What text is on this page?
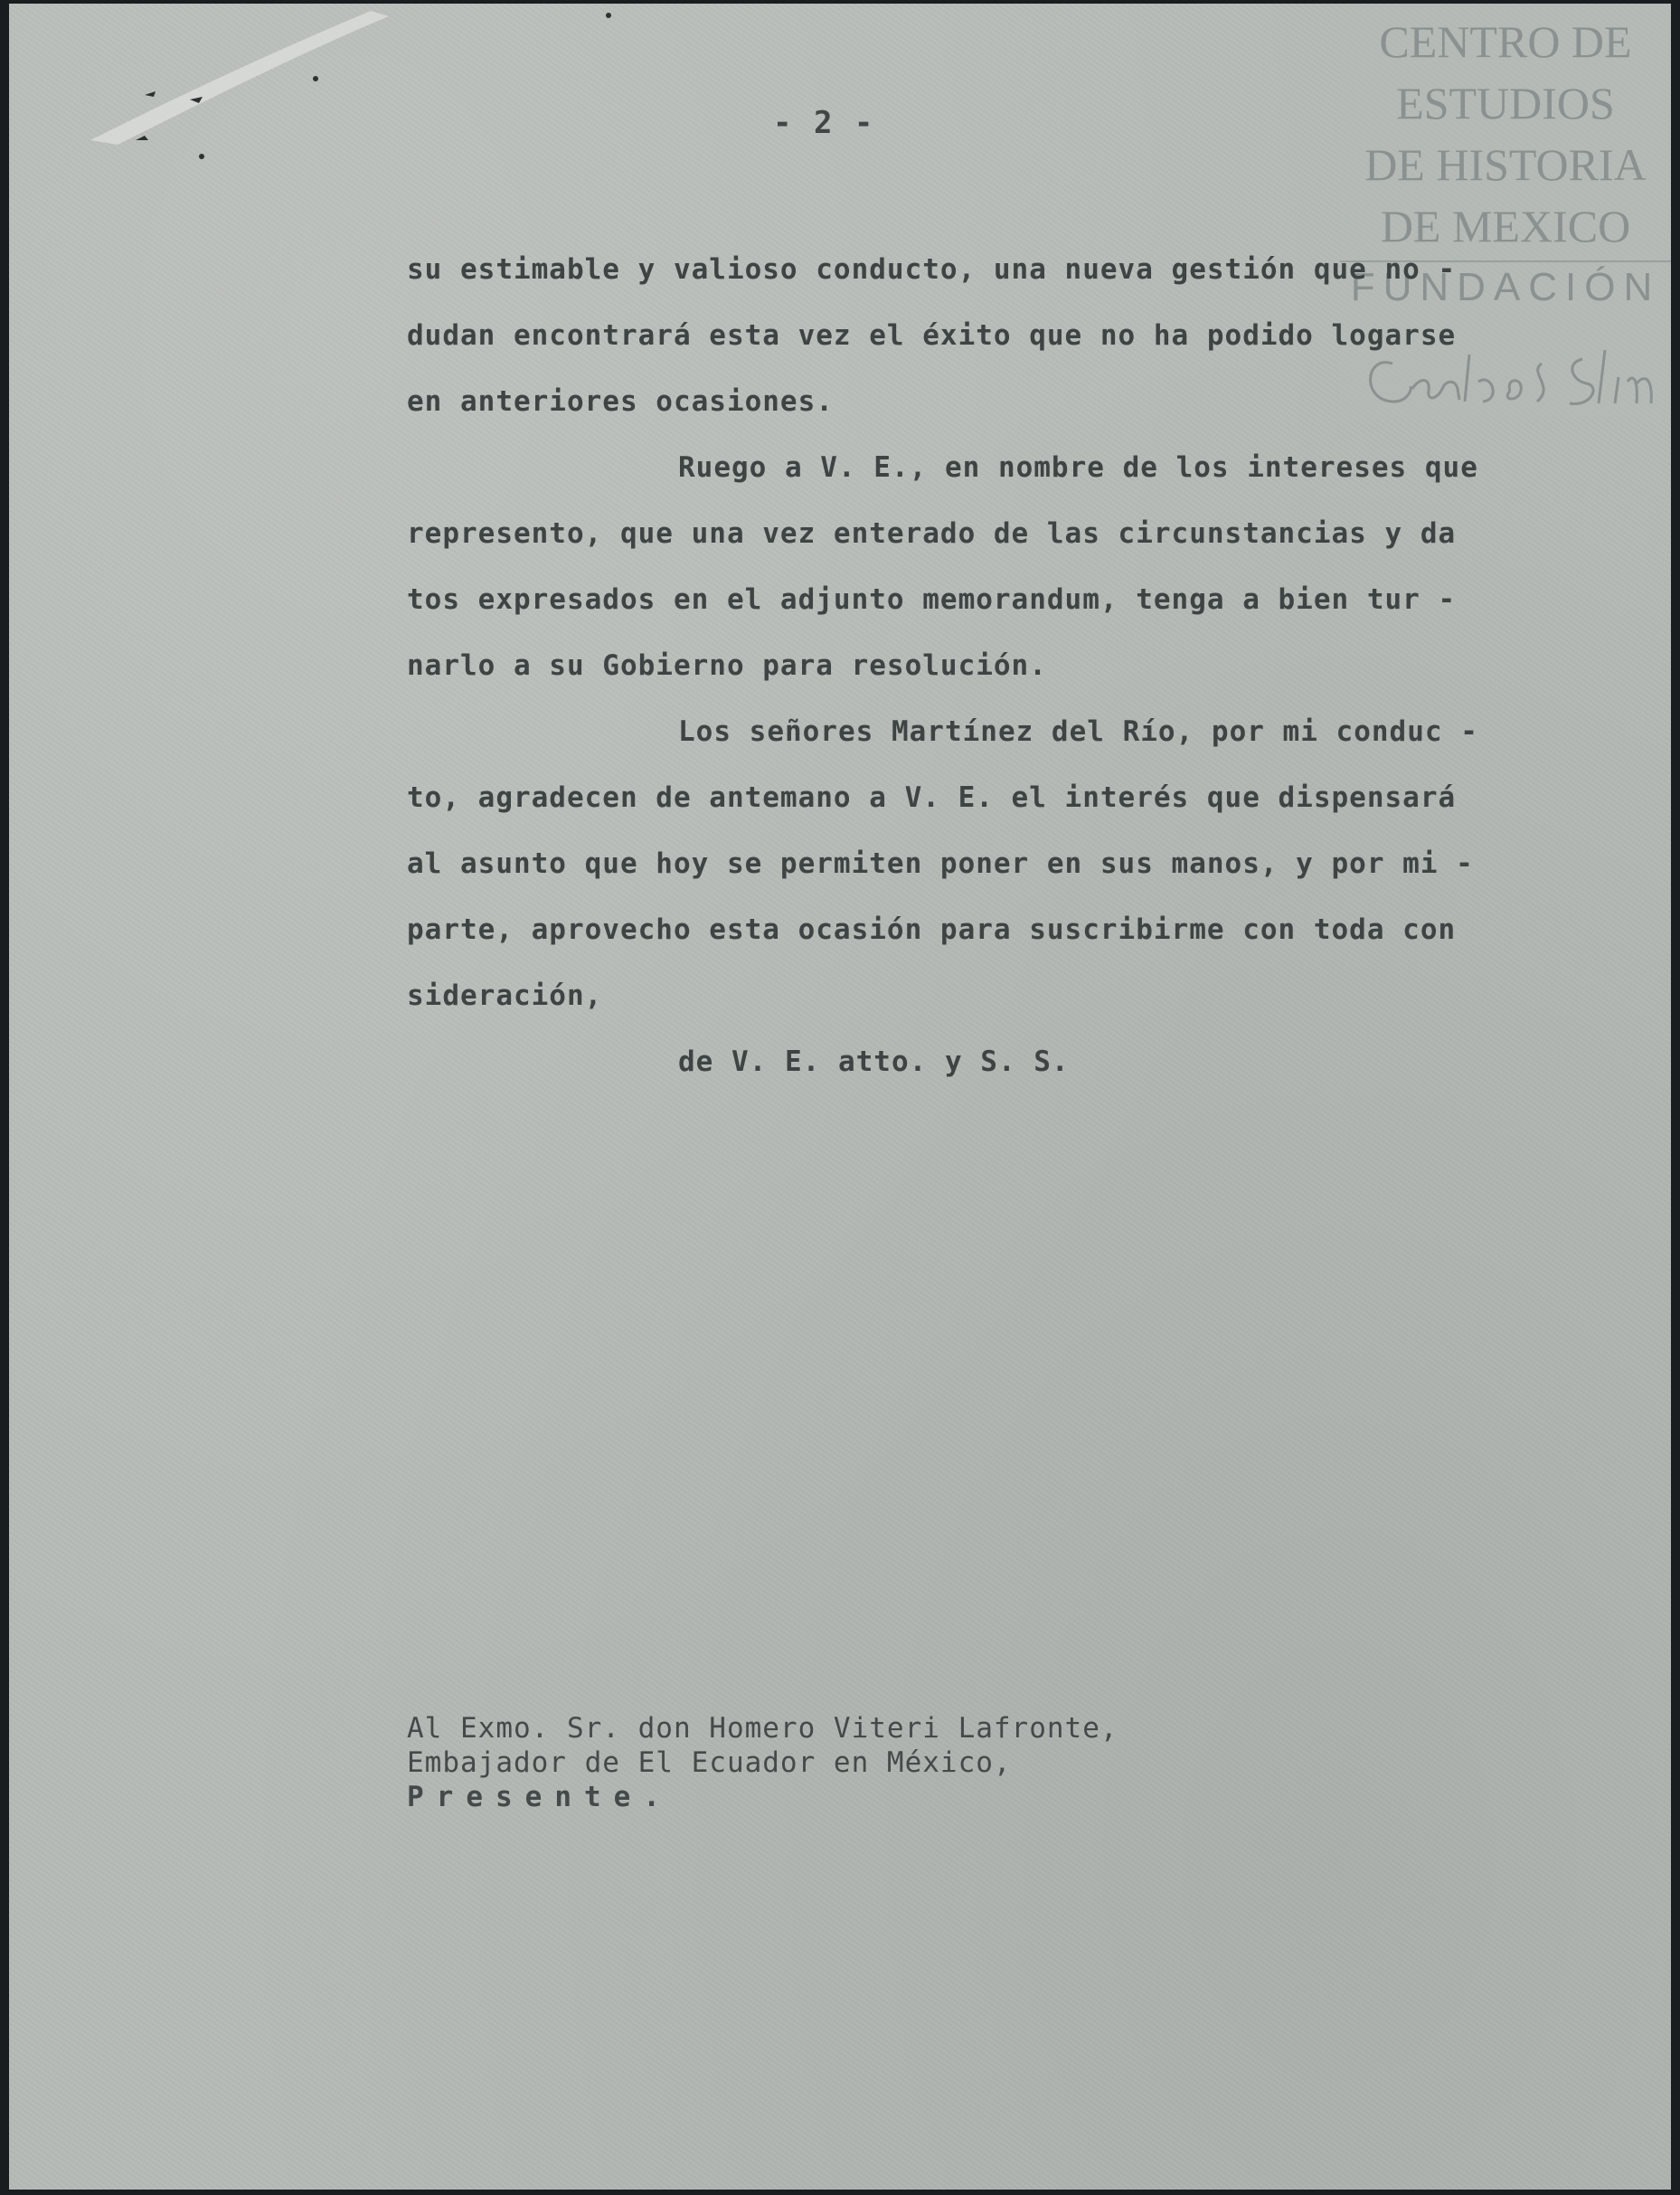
- 2 -
CENTRO DE
ESTUDIOS
DE HISTORIA
DE MEXICO
FUNDACIÓN
su estimable y valioso conducto, una nueva gestión que no -
dudan encontrará esta vez el éxito que no ha podido logarse
en anteriores ocasiones.
Ruego a V. E., en nombre de los intereses que
represento, que una vez enterado de las circunstancias y da
tos expresados en el adjunto memorandum, tenga a bien tur -
narlo a su Gobierno para resolución.
Los señores Martínez del Río, por mi conduc -
to, agradecen de antemano a V. E. el interés que dispensará
al asunto que hoy se permiten poner en sus manos, y por mi -
parte, aprovecho esta ocasión para suscribirme con toda con
sideración,
de V. E. atto. y S. S.
Al Exmo. Sr. don Homero Viteri Lafronte,
Embajador de El Ecuador en México,
Presente.
